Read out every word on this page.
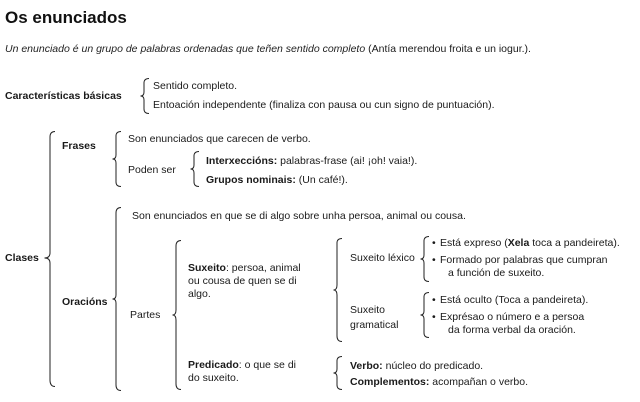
Os enunciados
Un enunciado é un grupo de palabras ordenadas que teñen sentido completo (Antía merendou froita e un iogur.).
Características básicas
Sentido completo.
Entoación independente (finaliza con pausa ou cun signo de puntuación).
Clases
Frases
Son enunciados que carecen de verbo.
Poden ser
Interxeccións: palabras-frase (ai! ¡oh! vaia!).
Grupos nominais: (Un café!).
Oracións
Son enunciados en que se di algo sobre unha persoa, animal ou cousa.
Partes
Suxeito: persoa, animal
ou cousa de quen se di
algo.
Suxeito léxico
• Está expreso (Xela toca a pandeireta).
• Formado por palabras que cumpran
a función de suxeito.
Suxeito
gramatical
• Está oculto (Toca a pandeireta).
• Exprésao o número e a persoa
da forma verbal da oración.
Predicado: o que se di
do suxeito.
Verbo: núcleo do predicado.
Complementos: acompañan o verbo.
